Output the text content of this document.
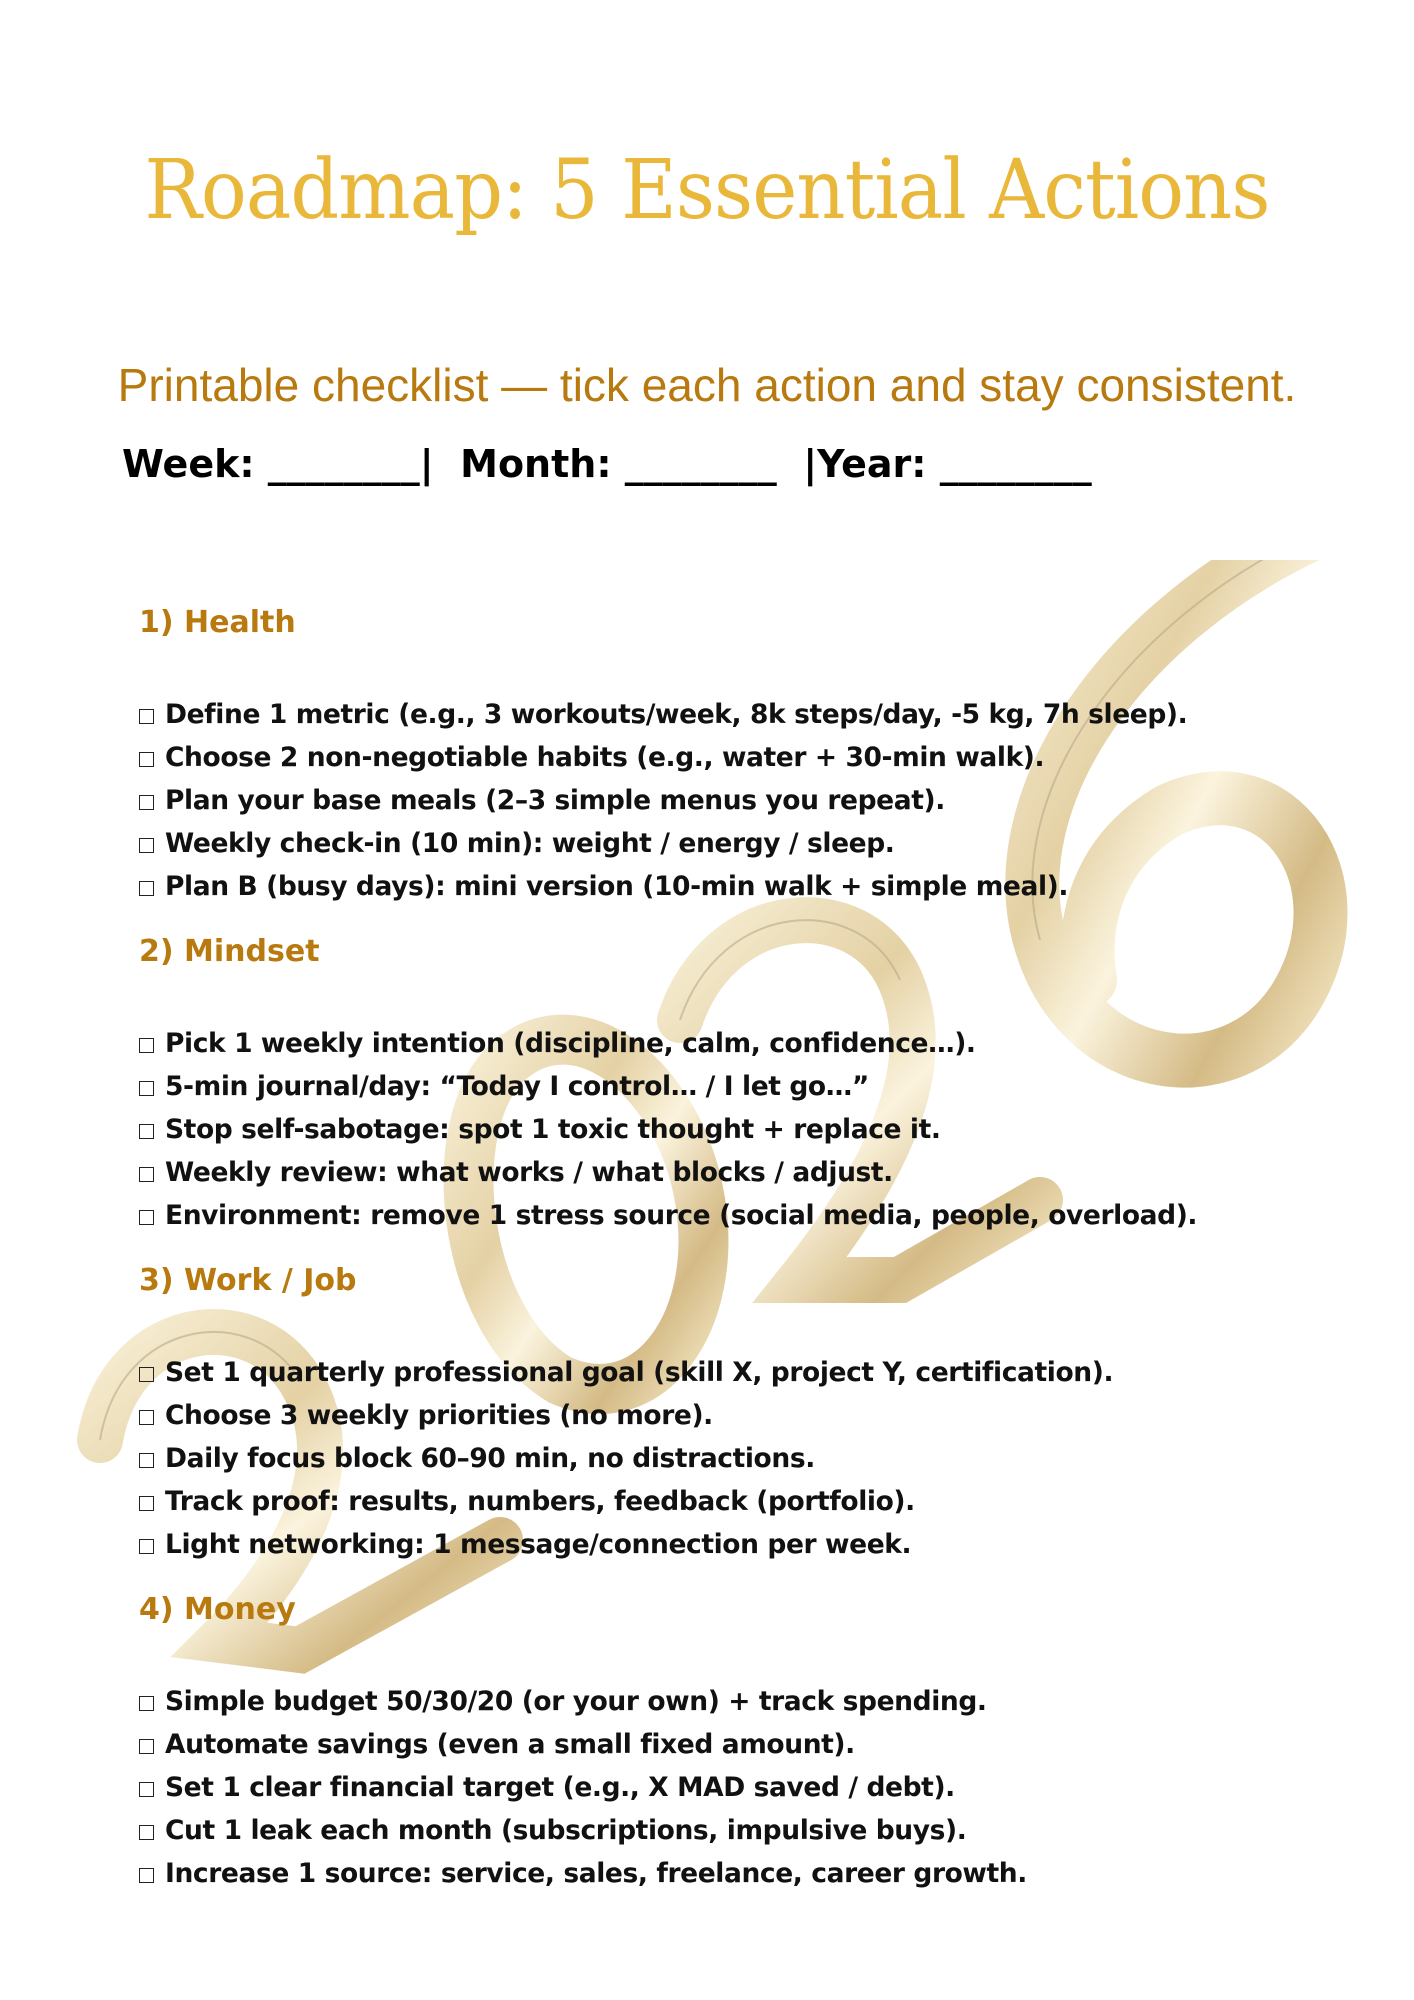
Roadmap: 5 Essential Actions

Printable checklist — tick each action and stay consistent.

Week: ________|  Month: ________  |Year: ________
1) Health
Define 1 metric (e.g., 3 workouts/week, 8k steps/day, -5 kg, 7h sleep).
Choose 2 non-negotiable habits (e.g., water + 30-min walk).
Plan your base meals (2–3 simple menus you repeat).
Weekly check-in (10 min): weight / energy / sleep.
Plan B (busy days): mini version (10-min walk + simple meal).
2) Mindset
Pick 1 weekly intention (discipline, calm, confidence…).
5-min journal/day: “Today I control… / I let go…”
Stop self-sabotage: spot 1 toxic thought + replace it.
Weekly review: what works / what blocks / adjust.
Environment: remove 1 stress source (social media, people, overload).
3) Work / Job
Set 1 quarterly professional goal (skill X, project Y, certification).
Choose 3 weekly priorities (no more).
Daily focus block 60–90 min, no distractions.
Track proof: results, numbers, feedback (portfolio).
Light networking: 1 message/connection per week.
4) Money
Simple budget 50/30/20 (or your own) + track spending.
Automate savings (even a small fixed amount).
Set 1 clear financial target (e.g., X MAD saved / debt).
Cut 1 leak each month (subscriptions, impulsive buys).
Increase 1 source: service, sales, freelance, career growth.
